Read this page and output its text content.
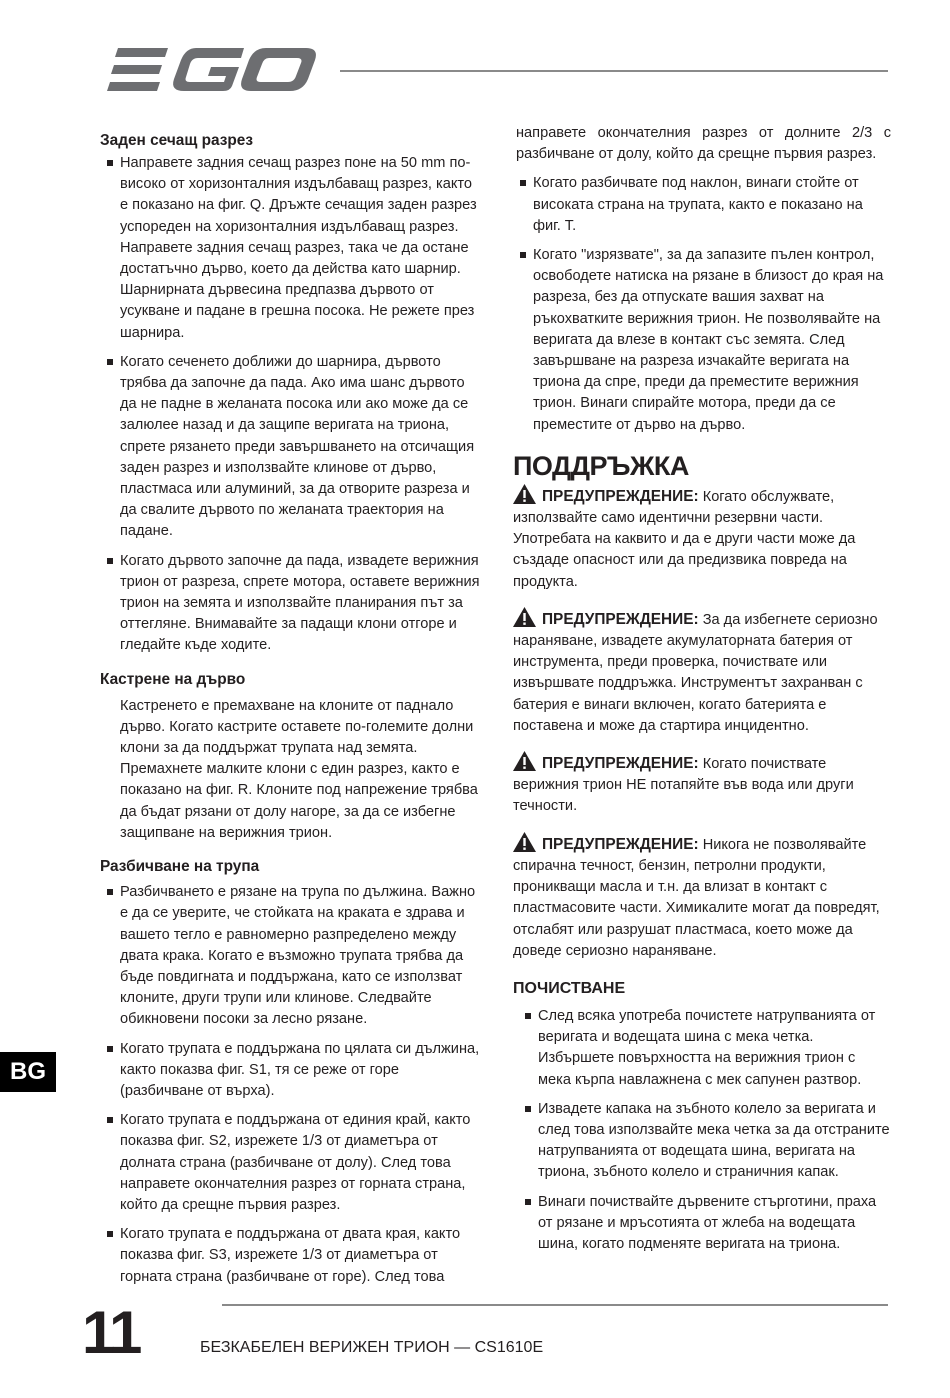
Заден сечащ разрез

Направете задния сечащ разрез поне на 50 mm по-високо от хоризонталния издълбаващ разрез, както е показано на фиг. Q. Дръжте сечащия заден разрез успореден на хоризонталния издълбаващ разрез. Направете задния сечащ разрез, така че да остане достатъчно дърво, което да действа като шарнир. Шарнирната дървесина предпазва дървото от усукване и падане в грешна посока. Не режете през шарнира.

Когато сеченето доближи до шарнира, дървото трябва да започне да пада. Ако има шанс дървото да не падне в желаната посока или ако може да се залюлее назад и да защипе веригата на триона, спрете рязането преди завършването на отсичащия заден разрез и използвайте клинове от дърво, пластмаса или алуминий, за да отворите разреза и да свалите дървото по желаната траектория на падане.

Когато дървото започне да пада, извадете верижния трион от разреза, спрете мотора, оставете верижния трион на земята и използвайте планирания път за оттегляне. Внимавайте за падащи клони отгоре и гледайте къде ходите.

Кастрене на дърво

Кастренето е премахване на клоните от паднало дърво. Когато кастрите оставете по-големите долни клони за да поддържат трупата над земята. Премахнете малките клони с един разрез, както е показано на фиг. R. Клоните под напрежение трябва да бъдат рязани от долу нагоре, за да се избегне защипване на верижния трион.

Разбичване на трупа

Разбичването е рязане на трупа по дължина. Важно е да се уверите, че стойката на краката е здрава и вашето тегло е равномерно разпределено между двата крака. Когато е възможно трупата трябва да бъде повдигната и поддържана, като се използват клоните, други трупи или клинове. Следвайте обикновени посоки за лесно рязане.

Когато трупата е поддържана по цялата си дължина, както показва фиг. S1, тя се реже от горе (разбичване от върха).

Когато трупата е поддържана от единия край, както показва фиг. S2, изрежете 1/3 от диаметъра от долната страна (разбичване от долу). След това направете окончателния разрез от горната страна, който да срещне първия разрез.

Когато трупата е поддържана от двата края, както показва фиг. S3, изрежете 1/3 от диаметъра от горната страна (разбичване от горе). След това

направете окончателния разрез от долните 2/3 с разбичване от долу, който да срещне първия разрез.

Когато разбичвате под наклон, винаги стойте от високата страна на трупата, както е показано на фиг. T.

Когато "изрязвате", за да запазите пълен контрол, освободете натиска на рязане в близост до края на разреза, без да отпускате вашия захват на ръкохватките верижния трион. Не позволявайте на веригата да влезе в контакт със земята. След завършване на разреза изчакайте веригата на триона да спре, преди да преместите верижния трион. Винаги спирайте мотора, преди да се преместите от дърво на дърво.

ПОДДРЪЖКА

ПРЕДУПРЕЖДЕНИЕ: Когато обслужвате, използвайте само идентични резервни части. Употребата на каквито и да е други части може да създаде опасност или да предизвика повреда на продукта.

ПРЕДУПРЕЖДЕНИЕ: За да избегнете сериозно нараняване, извадете акумулаторната батерия от инструмента, преди проверка, почиствате или извършвате поддръжка. Инструментът захранван с батерия е винаги включен, когато батерията е поставена и може да стартира инцидентно.

ПРЕДУПРЕЖДЕНИЕ: Когато почиствате верижния трион НЕ потапяйте във вода или други течности.

ПРЕДУПРЕЖДЕНИЕ: Никога не позволявайте спирачна течност, бензин, петролни продукти, проникващи масла и т.н. да влизат в контакт с пластмасовите части. Химикалите могат да повредят, отслабят или разрушат пластмаса, което може да доведе сериозно нараняване.

ПОЧИСТВАНЕ

След всяка употреба почистете натрупванията от веригата и водещата шина с мека четка. Избършете повърхността на верижния трион с мека кърпа навлажнена с мек сапунен разтвор.

Извадете капака на зъбното колело за веригата и след това използвайте мека четка за да отстраните натрупванията от водещата шина, веригата на триона, зъбното колело и страничния капак.

Винаги почиствайте дървените стърготини, праха от рязане и мръсотията от жлеба на водещата шина, когато подменяте веригата на триона.

BG
11	БЕЗКАБЕЛЕН ВЕРИЖЕН ТРИОН — CS1610E
